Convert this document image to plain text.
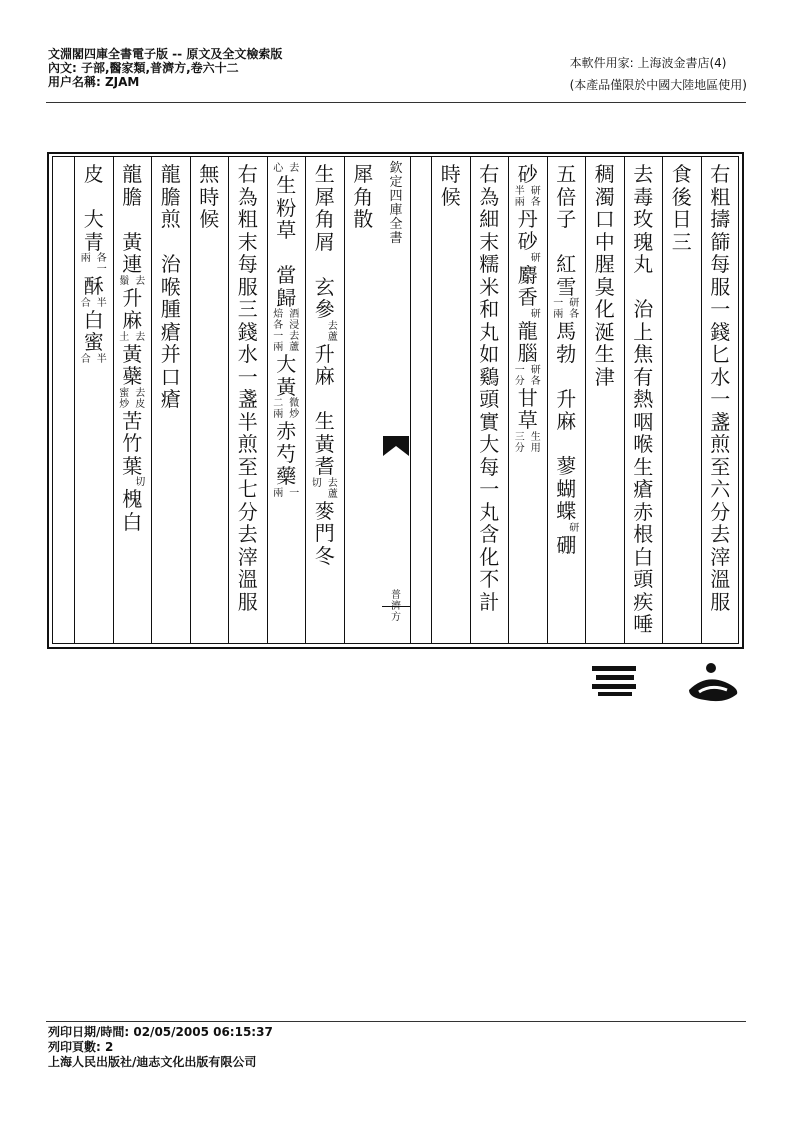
文淵閣四庫全書電子版 -- 原文及全文檢索版
內文: 子部,醫家類,普濟方,卷六十二
用户名稱: ZJAM
本軟件用家: 上海波金書店(4)
(本產品僅限於中國大陸地區使用)
右
粗
擣
篩
每
服
一
錢
匕
水
一
盞
煎
至
六
分
去
滓
溫
服
食
後
日
三
去
毒
玫
瑰
丸

治
上
焦
有
熱
咽
喉
生
瘡
赤
根
白
頭
疾
唾
稠
濁
口
中
腥
臭
化
涎
生
津
五
倍
子

紅
雪
一
兩研
各
馬
勃

升
麻

蓼
蝴
蝶
研
硼
砂
半
兩研
各
丹
砂
研
麝
香
研
龍
腦
一
分研
各
甘
草
三
分生
用
右
為
細
末
糯
米
和
丸
如
鷄
頭
實
大
每
一
丸
含
化
不
計
時
候
犀
角
散
生
犀
角
屑

玄
參
去
蘆
升
麻

生
黃
耆
切 去
蘆
麥
門
冬
心 去
生
粉
草

當
歸
焙
各酒
浸
一
兩去
蘆
大
黃
二
兩微
炒
赤
芍
藥
兩 一
右
為
粗
末
每
服
三
錢
水
一
盞
半
煎
至
七
分
去
滓
溫
服
無
時
候
龍
膽
煎

治
喉
腫
瘡
并
口
瘡
龍
膽

黃
連
鬚 去
升
麻
土 去
黃
蘗
蜜
炒去
皮
苦
竹
葉
切
槐
白
皮

大
青
兩 各
一
酥
合 半
白
蜜
合 半
欽
定
四
庫
全
書
普
濟
方
列印日期/時間: 02/05/2005 06:15:37
列印頁數: 2
上海人民出版社/迪志文化出版有限公司
